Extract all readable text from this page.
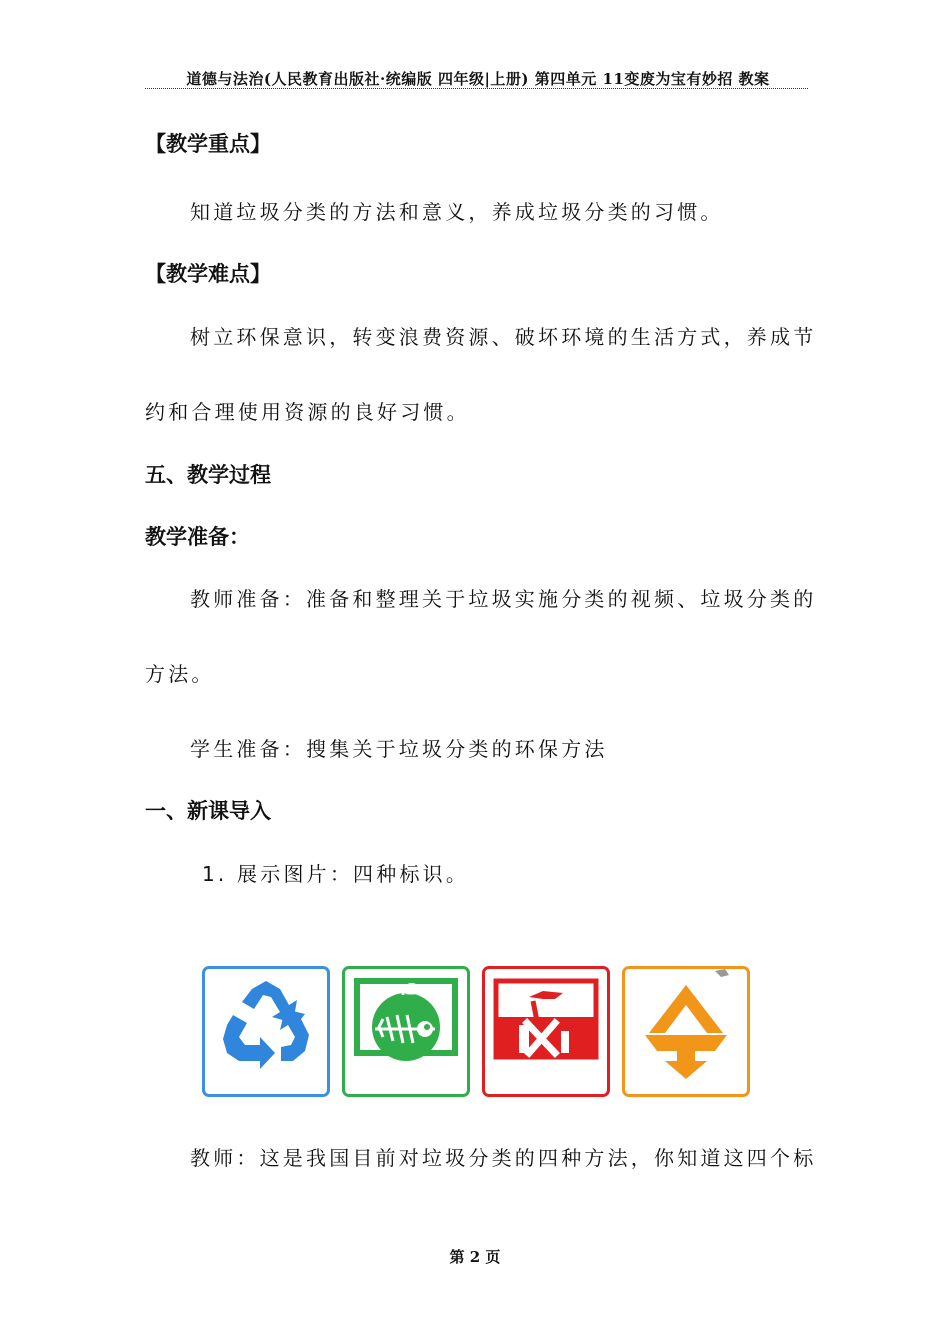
道德与法治(人民教育出版社·统编版 四年级|上册) 第四单元 11变废为宝有妙招 教案
【教学重点】
知道垃圾分类的方法和意义，养成垃圾分类的习惯。
【教学难点】
树立环保意识，转变浪费资源、破坏环境的生活方式，养成节
约和合理使用资源的良好习惯。
五、教学过程
教学准备：
教师准备：准备和整理关于垃圾实施分类的视频、垃圾分类的
方法。
学生准备：搜集关于垃圾分类的环保方法
一、新课导入
1. 展示图片：四种标识。
教师：这是我国目前对垃圾分类的四种方法，你知道这四个标
第 2 页
